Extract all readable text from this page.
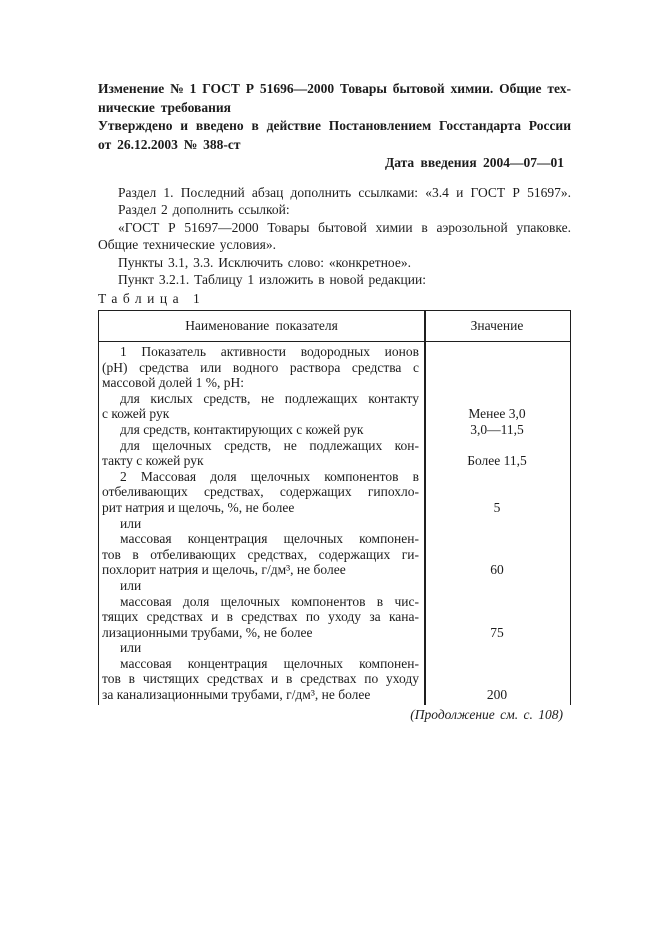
Изменение № 1 ГОСТ Р 51696—2000 Товары бытовой химии. Общие тех-
нические требования
Утверждено и введено в действие Постановлением Госстандарта России
от 26.12.2003 № 388-ст
Дата введения 2004—07—01
Раздел 1. Последний абзац дополнить ссылками: «3.4 и ГОСТ Р 51697».
Раздел 2 дополнить ссылкой:
«ГОСТ Р 51697—2000 Товары бытовой химии в аэрозольной упаковке.
Общие технические условия».
Пункты 3.1, 3.3. Исключить слово: «конкретное».
Пункт 3.2.1. Таблицу 1 изложить в новой редакции:
Таблица 1
Наименование показателя	Значение
1 Показатель активности водородных ионов
(pH) средства или водного раствора средства с
массовой долей 1 %, pH:
для кислых средств, не подлежащих контакту
с кожей рук	Менее 3,0
для средств, контактирующих с кожей рук	3,0—11,5
для щелочных средств, не подлежащих кон-
такту с кожей рук	Более 11,5
2 Массовая доля щелочных компонентов в
отбеливающих средствах, содержащих гипохло-
рит натрия и щелочь, %, не более	5
или
массовая концентрация щелочных компонен-
тов в отбеливающих средствах, содержащих ги-
похлорит натрия и щелочь, г/дм³, не более	60
или
массовая доля щелочных компонентов в чис-
тящих средствах и в средствах по уходу за кана-
лизационными трубами, %, не более	75
или
массовая концентрация щелочных компонен-
тов в чистящих средствах и в средствах по уходу
за канализационными трубами, г/дм³, не более	200
(Продолжение см. с. 108)
